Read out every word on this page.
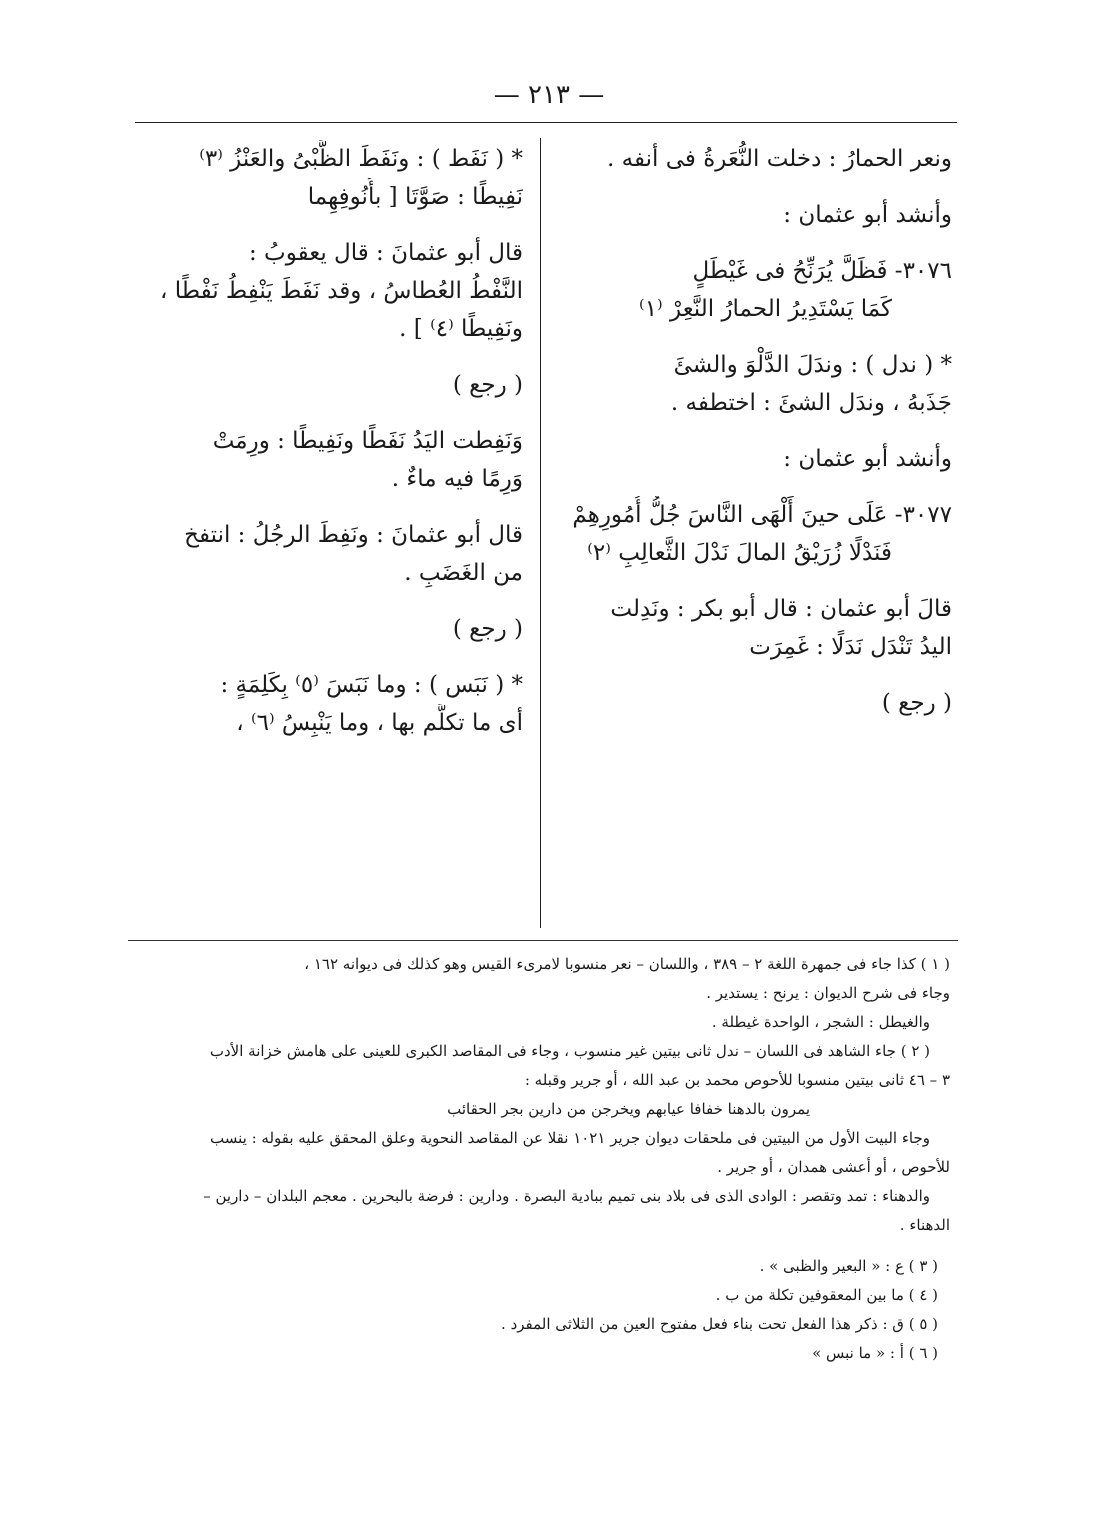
— ٢١٣ —
ونعر الحمارُ : دخلت النُّعَرةُ فى أنفه .
وأنشد أبو عثمان :
٣٠٧٦- فَظَلَّ يُرَنِّحُ فى غَيْطَلٍ
كَمَا يَسْتَدِيرُ الحمارُ النَّعِرْ ⁽١⁾
* ( ندل ) : وندَلَ الدَّلْوَ والشئَ
جَذَبهُ ، وندَل الشئَ : اختطفه .
وأنشد أبو عثمان :
٣٠٧٧- عَلَى حينَ أَلْهَى النَّاسَ جُلُّ أُمُورِهِمْ
فَنَدْلًا زُرَيْقُ المالَ نَدْلَ الثَّعالِبِ ⁽٢⁾
قالَ أبو عثمان : قال أبو بكر : ونَدِلت
اليدُ تَنْدَل نَدَلًا : غَمِرَت
( رجع )
* ( نَفَط ) : ونَفَطَ الظَّبْىُ والعَنْزُ ⁽٣⁾
نَفِيطًا : صَوَّتَا [ بأُنُوفِهِما
قال أبو عثمانَ : قال يعقوبُ :
النَّفْطُ العُطاسُ ، وقد نَفَطَ يَنْفِطُ نَفْطًا ،
ونَفِيطًا ⁽٤⁾ ] .
( رجع )
وَنَفِطت اليَدُ نَفَطًا ونَفِيطًا : ورِمَتْ
وَرِمًا فيه ماءٌ .
قال أبو عثمانَ : ونَفِطَ الرجُلُ : انتفخ
من الغَضَبِ .
( رجع )
* ( نَبَس ) : وما نَبَسَ ⁽٥⁾ بِكَلِمَةٍ :
أى ما تكلَّم بها ، وما يَنْبِسُ ⁽٦⁾ ،
( ١ ) كذا جاء فى جمهرة اللغة ٢ – ٣٨٩ ، واللسان – نعر منسوبا لامرىء القيس وهو كذلك فى ديوانه ١٦٢ ،
وجاء فى شرح الديوان : يرنح : يستدير .
والغيطل : الشجر ، الواحدة غيطلة .
( ٢ ) جاء الشاهد فى اللسان – ندل ثانى بيتين غير منسوب ، وجاء فى المقاصد الكبرى للعينى على هامش خزانة الأدب
٣ – ٤٦ ثانى بيتين منسوبا للأحوص محمد بن عبد الله ، أو جرير وقبله :
يمرون بالدهنا خفافا عيابهم ويخرجن من دارين بجر الحقائب
وجاء البيت الأول من البيتين فى ملحقات ديوان جرير ١٠٢١ نقلا عن المقاصد النحوية وعلق المحقق عليه بقوله : ينسب
للأحوص ، أو أعشى همدان ، أو جرير .
والدهناء : تمد وتقصر : الوادى الذى فى بلاد بنى تميم ببادية البصرة . ودارين : فرضة بالبحرين . معجم البلدان – دارين –
الدهناء .
( ٣ ) ع : « البعير والظبى » .
( ٤ ) ما بين المعقوفين تكلة من ب .
( ٥ ) ق : ذكر هذا الفعل تحت بناء فعل مفتوح العين من الثلاثى المفرد .
( ٦ ) أ : « ما نبس »
